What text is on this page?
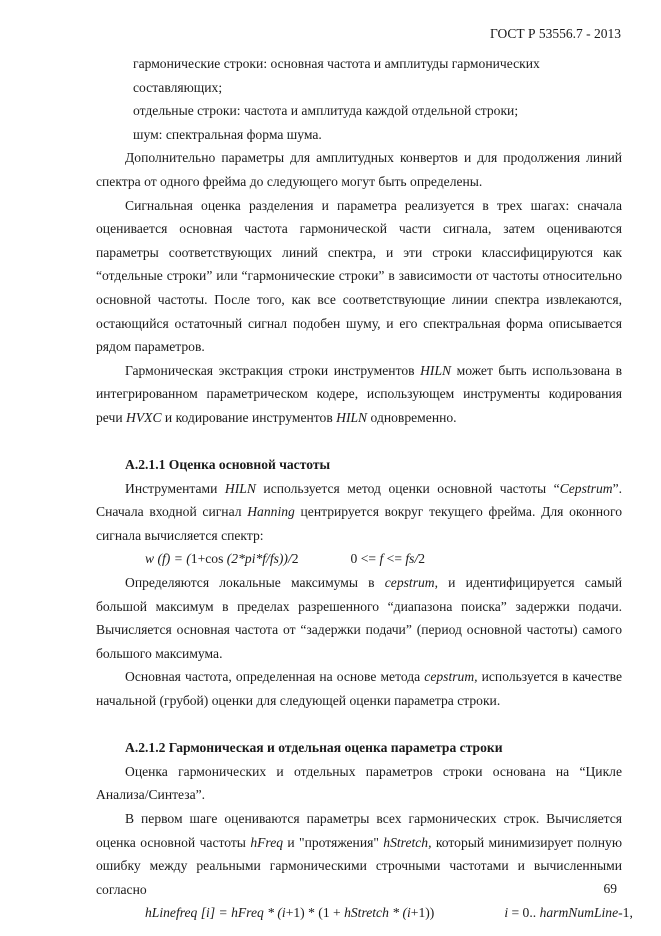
ГОСТ Р 53556.7 - 2013

гармонические строки: основная частота и амплитуды гармонических составляющих;

отдельные строки: частота и амплитуда каждой отдельной строки;

шум: спектральная форма шума.

Дополнительно параметры для амплитудных конвертов и для продолжения линий спектра от одного фрейма до следующего могут быть определены.

Сигнальная оценка разделения и параметра реализуется в трех шагах: сначала оценивается основная частота гармонической части сигнала, затем оцениваются параметры соответствующих линий спектра, и эти строки классифицируются как “отдельные строки” или “гармонические строки” в зависимости от частоты относительно основной частоты. После того, как все соответствующие линии спектра извлекаются, остающийся остаточный сигнал подобен шуму, и его спектральная форма описывается рядом параметров.

Гармоническая экстракция строки инструментов HILN может быть использована в интегрированном параметрическом кодере, использующем инструменты кодирования речи HVXC и кодирование инструментов HILN одновременно.

А.2.1.1 Оценка основной частоты

Инструментами HILN используется метод оценки основной частоты “Cepstrum”. Сначала входной сигнал Hanning центрируется вокруг текущего фрейма. Для оконного сигнала вычисляется спектр:

w (f) = (1+cos (2*pi*f/fs))/2	0 <= f <= fs/2

Определяются локальные максимумы в cepstrum, и идентифицируется самый большой максимум в пределах разрешенного “диапазона поиска” задержки подачи. Вычисляется основная частота от “задержки подачи” (период основной частоты) самого большого максимума.

Основная частота, определенная на основе метода cepstrum, используется в качестве начальной (грубой) оценки для следующей оценки параметра строки.

А.2.1.2 Гармоническая и отдельная оценка параметра строки

Оценка гармонических и отдельных параметров строки основана на “Цикле Анализа/Синтеза”.

В первом шаге оцениваются параметры всех гармонических строк. Вычисляется оценка основной частоты hFreq и "протяжения" hStretch, который минимизирует полную ошибку между реальными гармоническими строчными частотами и вычисленными согласно

hLinefreq [i] = hFreq * (i+1) * (1 + hStretch * (i+1))	i = 0.. harmNumLine-1,

69
